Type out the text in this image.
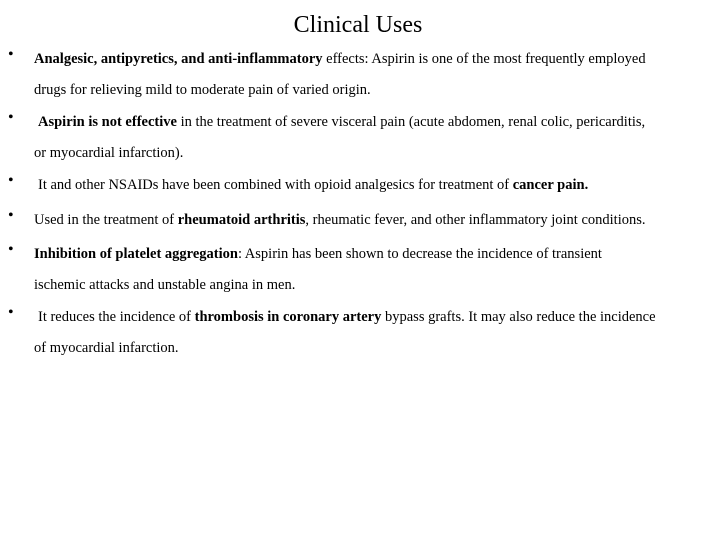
Clinical Uses
• Analgesic, antipyretics, and anti-inflammatory effects: Aspirin is one of the most frequently employed
drugs for relieving mild to moderate pain of varied origin.
• Aspirin is not effective in the treatment of severe visceral pain (acute abdomen, renal colic, pericarditis,
or myocardial infarction).
• It and other NSAIDs have been combined with opioid analgesics for treatment of cancer pain.
• Used in the treatment of rheumatoid arthritis, rheumatic fever, and other inflammatory joint conditions.
• Inhibition of platelet aggregation: Aspirin has been shown to decrease the incidence of transient
ischemic attacks and unstable angina in men.
• It reduces the incidence of thrombosis in coronary artery bypass grafts. It may also reduce the incidence
of myocardial infarction.
